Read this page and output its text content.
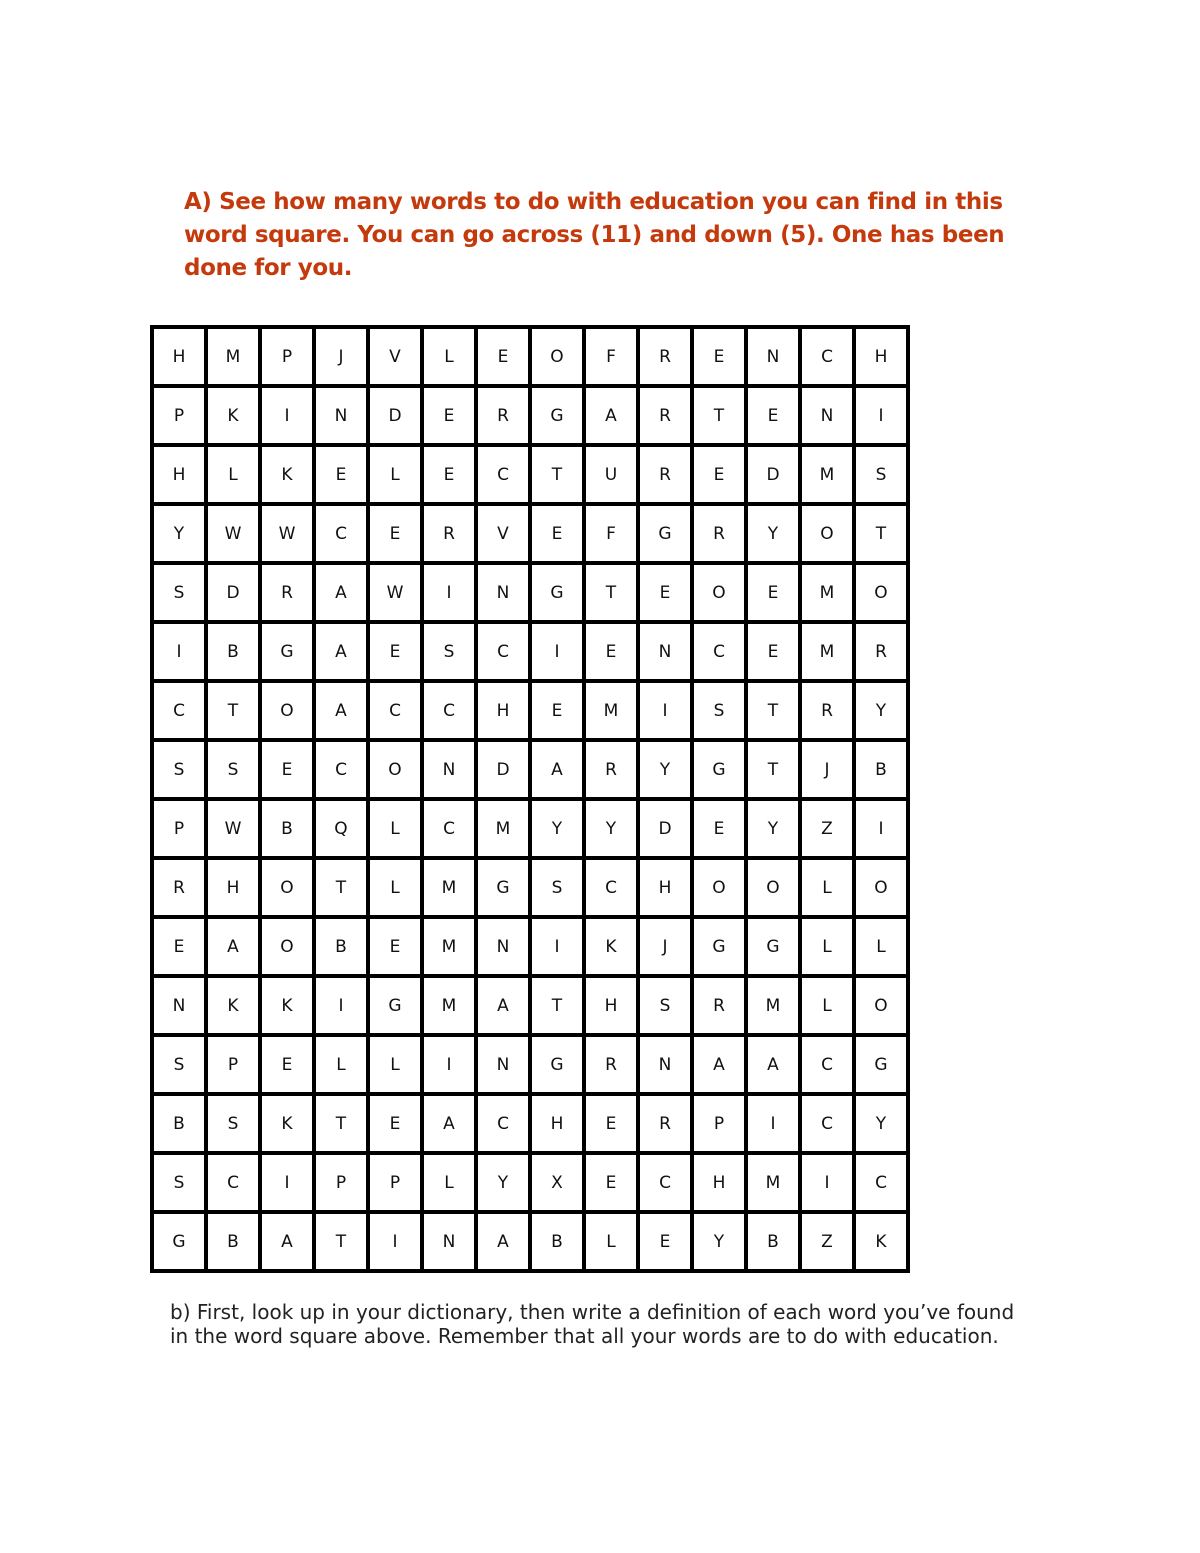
A) See how many words to do with education you can find in this word square. You can go across (11) and down (5). One has been done for you.

H	M	P	J	V	L	E	O	F	R	E	N	C	H
P	K	I	N	D	E	R	G	A	R	T	E	N	I
H	L	K	E	L	E	C	T	U	R	E	D	M	S
Y	W	W	C	E	R	V	E	F	G	R	Y	O	T
S	D	R	A	W	I	N	G	T	E	O	E	M	O
I	B	G	A	E	S	C	I	E	N	C	E	M	R
C	T	O	A	C	C	H	E	M	I	S	T	R	Y
S	S	E	C	O	N	D	A	R	Y	G	T	J	B
P	W	B	Q	L	C	M	Y	Y	D	E	Y	Z	I
R	H	O	T	L	M	G	S	C	H	O	O	L	O
E	A	O	B	E	M	N	I	K	J	G	G	L	L
N	K	K	I	G	M	A	T	H	S	R	M	L	O
S	P	E	L	L	I	N	G	R	N	A	A	C	G
B	S	K	T	E	A	C	H	E	R	P	I	C	Y
S	C	I	P	P	L	Y	X	E	C	H	M	I	C
G	B	A	T	I	N	A	B	L	E	Y	B	Z	K

b) First, look up in your dictionary, then write a definition of each word you’ve found in the word square above. Remember that all your words are to do with education.
